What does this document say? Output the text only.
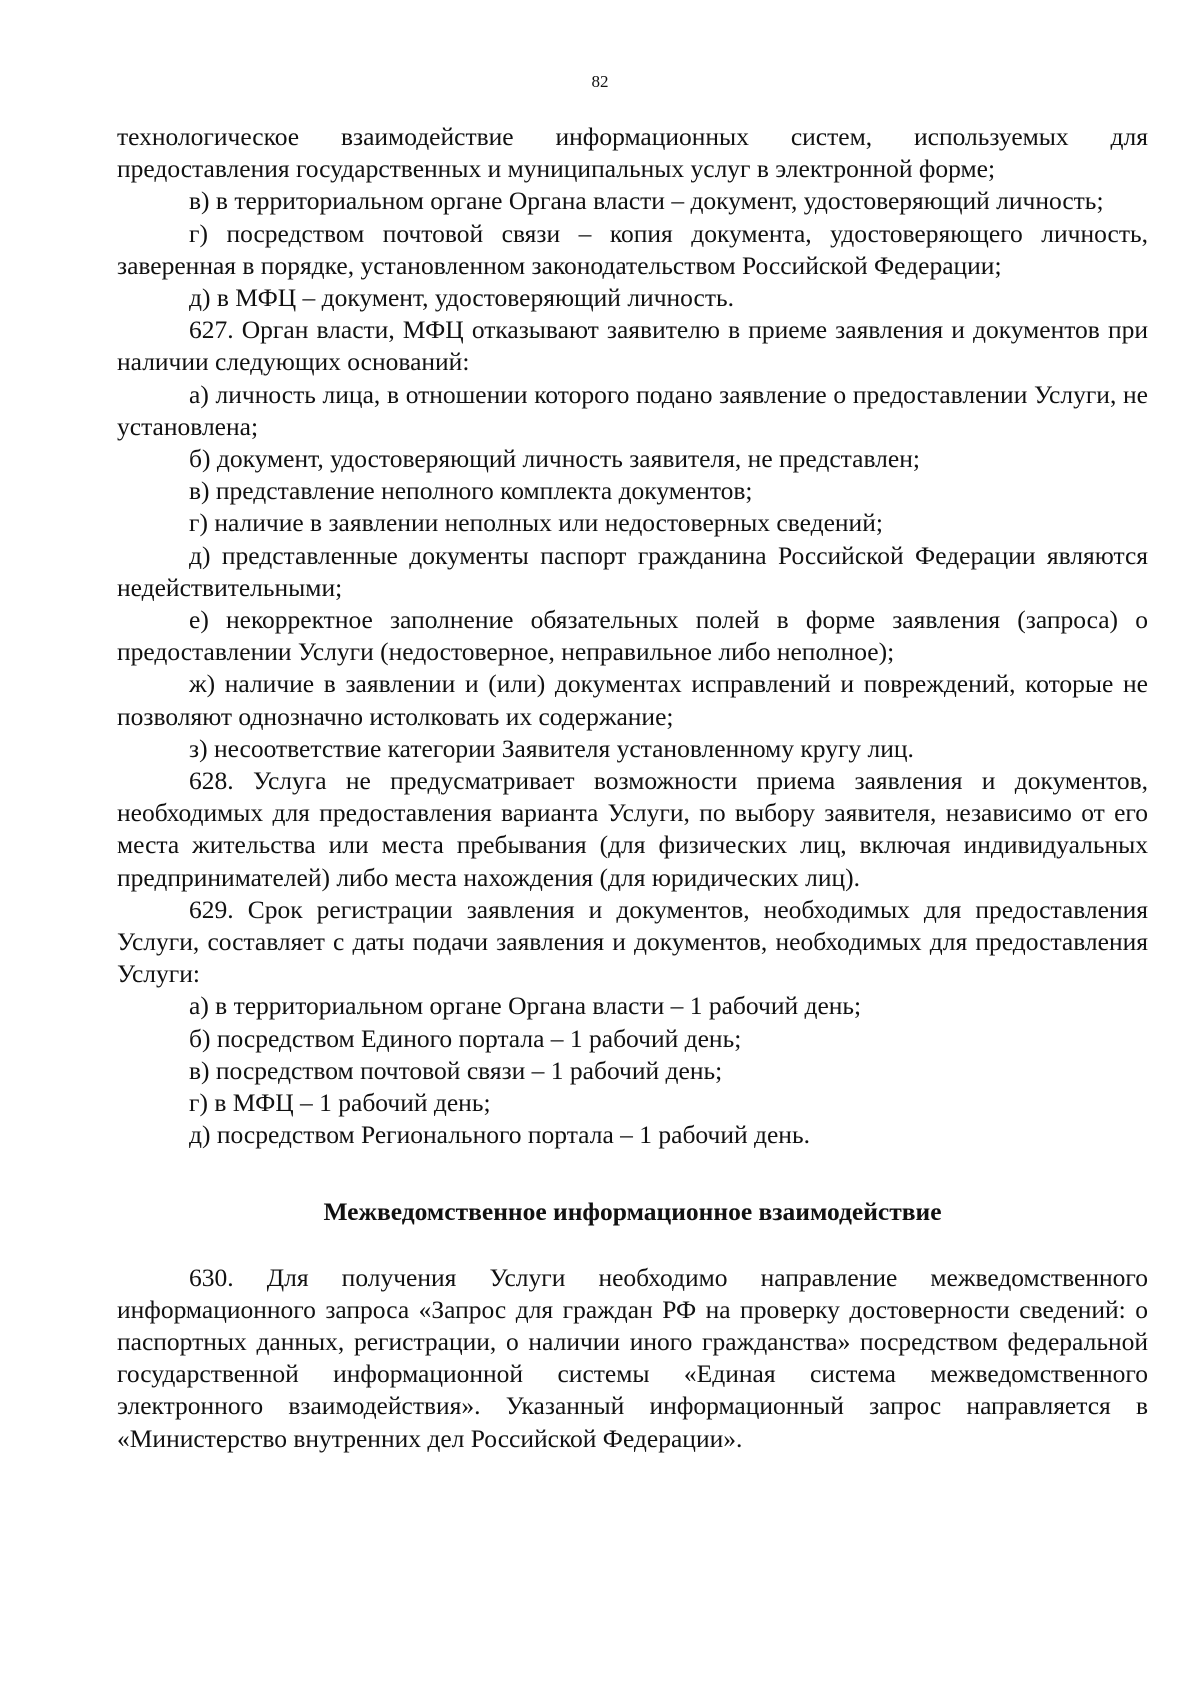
82

технологическое взаимодействие информационных систем, используемых для предоставления государственных и муниципальных услуг в электронной форме;

в) в территориальном органе Органа власти – документ, удостоверяющий личность;

г) посредством почтовой связи – копия документа, удостоверяющего личность, заверенная в порядке, установленном законодательством Российской Федерации;

д) в МФЦ – документ, удостоверяющий личность.

627. Орган власти, МФЦ отказывают заявителю в приеме заявления и документов при наличии следующих оснований:

а) личность лица, в отношении которого подано заявление о предоставлении Услуги, не установлена;

б) документ, удостоверяющий личность заявителя, не представлен;

в) представление неполного комплекта документов;

г) наличие в заявлении неполных или недостоверных сведений;

д) представленные документы паспорт гражданина Российской Федерации являются недействительными;

е) некорректное заполнение обязательных полей в форме заявления (запроса) о предоставлении Услуги (недостоверное, неправильное либо неполное);

ж) наличие в заявлении и (или) документах исправлений и повреждений, которые не позволяют однозначно истолковать их содержание;

з) несоответствие категории Заявителя установленному кругу лиц.

628. Услуга не предусматривает возможности приема заявления и документов, необходимых для предоставления варианта Услуги, по выбору заявителя, независимо от его места жительства или места пребывания (для физических лиц, включая индивидуальных предпринимателей) либо места нахождения (для юридических лиц).

629. Срок регистрации заявления и документов, необходимых для предоставления Услуги, составляет с даты подачи заявления и документов, необходимых для предоставления Услуги:

а) в территориальном органе Органа власти – 1 рабочий день;

б) посредством Единого портала – 1 рабочий день;

в) посредством почтовой связи – 1 рабочий день;

г) в МФЦ – 1 рабочий день;

д) посредством Регионального портала – 1 рабочий день.

Межведомственное информационное взаимодействие

630. Для получения Услуги необходимо направление межведомственного информационного запроса «Запрос для граждан РФ на проверку достоверности сведений: о паспортных данных, регистрации, о наличии иного гражданства» посредством федеральной государственной информационной системы «Единая система межведомственного электронного взаимодействия». Указанный информационный запрос направляется в «Министерство внутренних дел Российской Федерации».
